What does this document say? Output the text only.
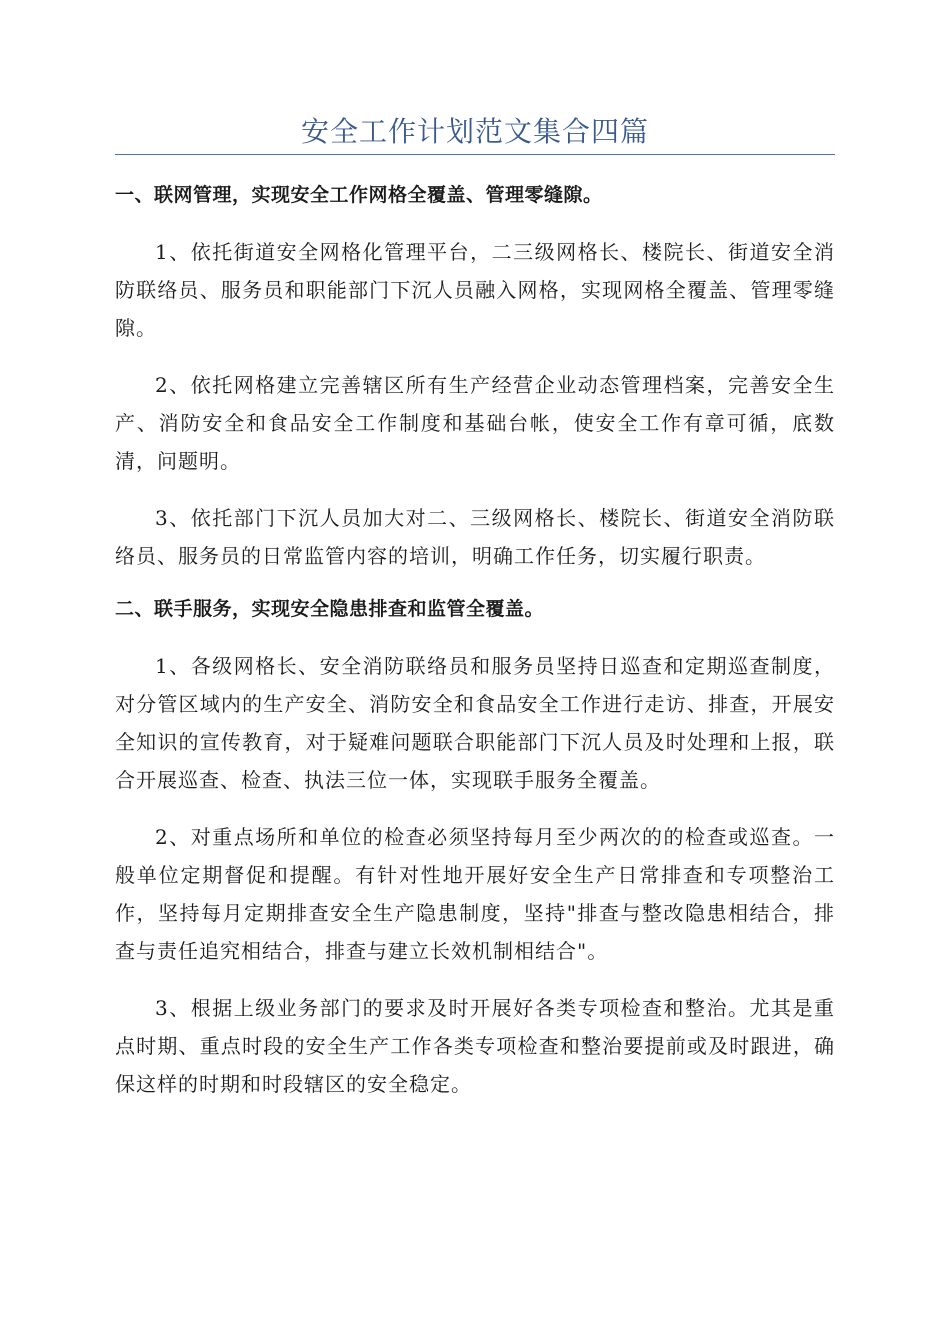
安全工作计划范文集合四篇
一、联网管理，实现安全工作网格全覆盖、管理零缝隙。

1、依托街道安全网格化管理平台，二三级网格长、楼院长、街道安全消防联络员、服务员和职能部门下沉人员融入网格，实现网格全覆盖、管理零缝隙。

2、依托网格建立完善辖区所有生产经营企业动态管理档案，完善安全生产、消防安全和食品安全工作制度和基础台帐，使安全工作有章可循，底数清，问题明。

3、依托部门下沉人员加大对二、三级网格长、楼院长、街道安全消防联络员、服务员的日常监管内容的培训，明确工作任务，切实履行职责。

二、联手服务，实现安全隐患排查和监管全覆盖。

1、各级网格长、安全消防联络员和服务员坚持日巡查和定期巡查制度，对分管区域内的生产安全、消防安全和食品安全工作进行走访、排查，开展安全知识的宣传教育，对于疑难问题联合职能部门下沉人员及时处理和上报，联合开展巡查、检查、执法三位一体，实现联手服务全覆盖。

2、对重点场所和单位的检查必须坚持每月至少两次的的检查或巡查。一般单位定期督促和提醒。有针对性地开展好安全生产日常排查和专项整治工作，坚持每月定期排查安全生产隐患制度，坚持"排查与整改隐患相结合，排查与责任追究相结合，排查与建立长效机制相结合"。

3、根据上级业务部门的要求及时开展好各类专项检查和整治。尤其是重点时期、重点时段的安全生产工作各类专项检查和整治要提前或及时跟进，确保这样的时期和时段辖区的安全稳定。
